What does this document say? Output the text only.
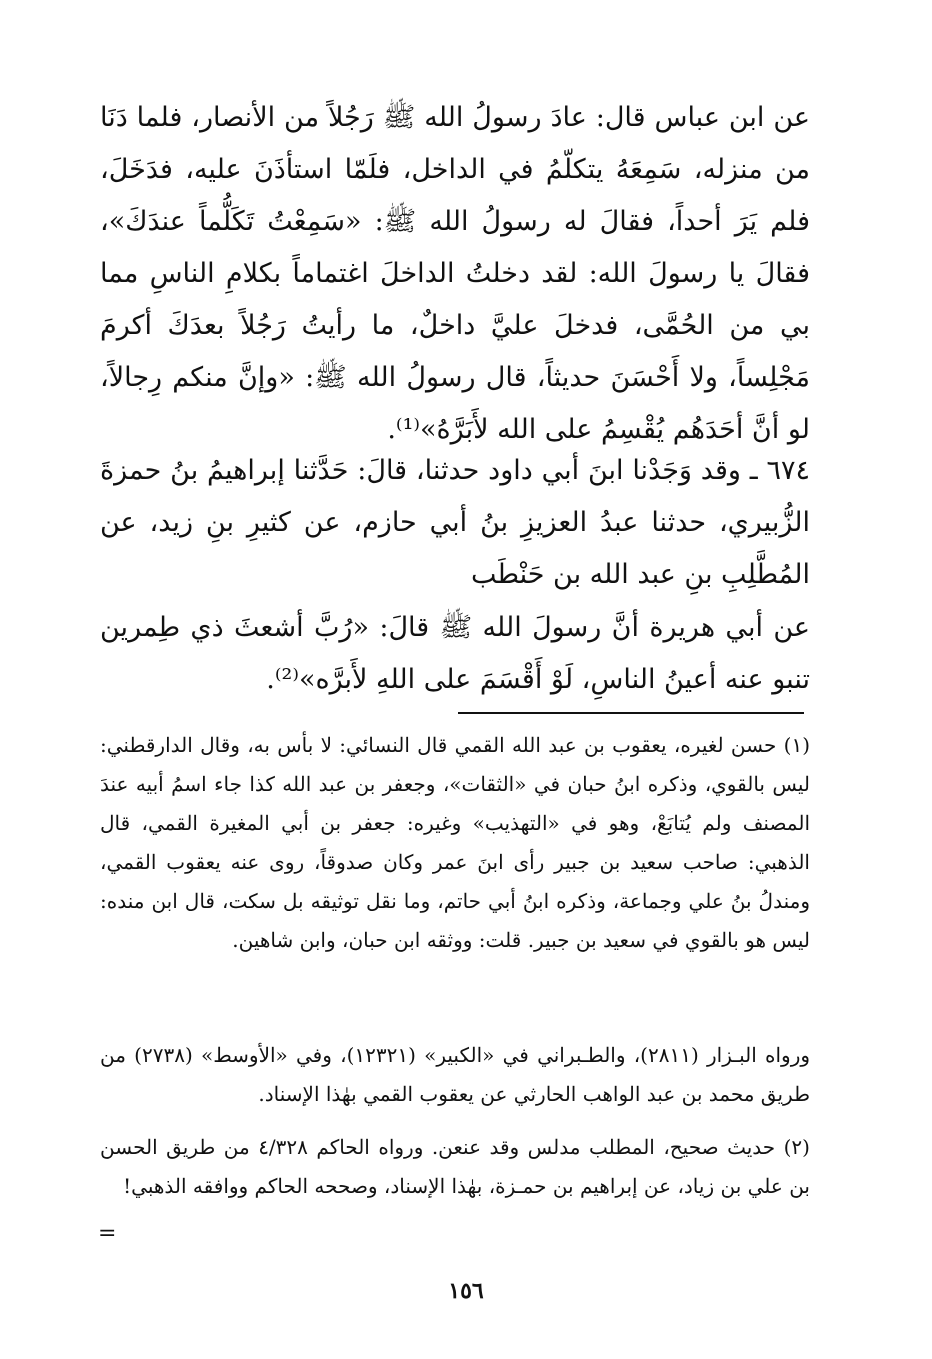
عن ابن عباس قال: عادَ رسولُ الله ﷺ رَجُلاً من الأنصار، فلما دَنَا من منزله، سَمِعَهُ يتكلّمُ في الداخل، فلَمّا استأذَنَ عليه، فدَخَلَ، فلم يَرَ أحداً، فقالَ له رسولُ الله ﷺ: «سَمِعْتُ تَكَلُّماً عندَكَ»، فقالَ يا رسولَ الله: لقد دخلتُ الداخلَ اغتماماً بكلامِ الناسِ مما بي من الحُمَّى، فدخلَ عليَّ داخلٌ، ما رأيتُ رَجُلاً بعدَكَ أكرمَ مَجْلِساً، ولا أَحْسَنَ حديثاً، قال رسولُ الله ﷺ: «وإنَّ منكم رِجالاً، لو أنَّ أحَدَهُم يُقْسِمُ على الله لأَبَرَّهُ»⁽¹⁾.

٦٧٤ ـ وقد وَجَدْنا ابنَ أبي داود حدثنا، قالَ: حَدَّثنا إبراهيمُ بنُ حمزةَ الزُّبيري، حدثنا عبدُ العزيزِ بنُ أبي حازم، عن كثيرِ بنِ زيد، عن المُطَّلِبِ بنِ عبد الله بن حَنْطَب

عن أبي هريرة أنَّ رسولَ الله ﷺ قالَ: «رُبَّ أشعثَ ذي طِمرين تنبو عنه أعينُ الناسِ، لَوْ أَقْسَمَ على اللهِ لأَبرَّه»⁽²⁾.

(١) حسن لغيره، يعقوب بن عبد الله القمي قال النسائي: لا بأس به، وقال الدارقطني: ليس بالقوي، وذكره ابنُ حبان في «الثقات»، وجعفر بن عبد الله كذا جاء اسمُ أبيه عندَ المصنف ولم يُتابَعْ، وهو في «التهذيب» وغيره: جعفر بن أبي المغيرة القمي، قال الذهبي: صاحب سعيد بن جبير رأى ابنَ عمر وكان صدوقاً، روى عنه يعقوب القمي، ومندلُ بنُ علي وجماعة، وذكره ابنُ أبي حاتم، وما نقل توثيقه بل سكت، قال ابن منده: ليس هو بالقوي في سعيد بن جبير. قلت: ووثقه ابن حبان، وابن شاهين.

ورواه البـزار (٢٨١١)، والطـبراني في «الكبير» (١٢٣٢١)، وفي «الأوسط» (٢٧٣٨) من طريق محمد بن عبد الواهب الحارثي عن يعقوب القمي بهٰذا الإسناد.

(٢) حديث صحيح، المطلب مدلس وقد عنعن. ورواه الحاكم ٤/٣٢٨ من طريق الحسن بن علي بن زياد، عن إبراهيم بن حمـزة، بهٰذا الإسناد، وصححه الحاكم ووافقه الذهبي!

=
١٥٦
